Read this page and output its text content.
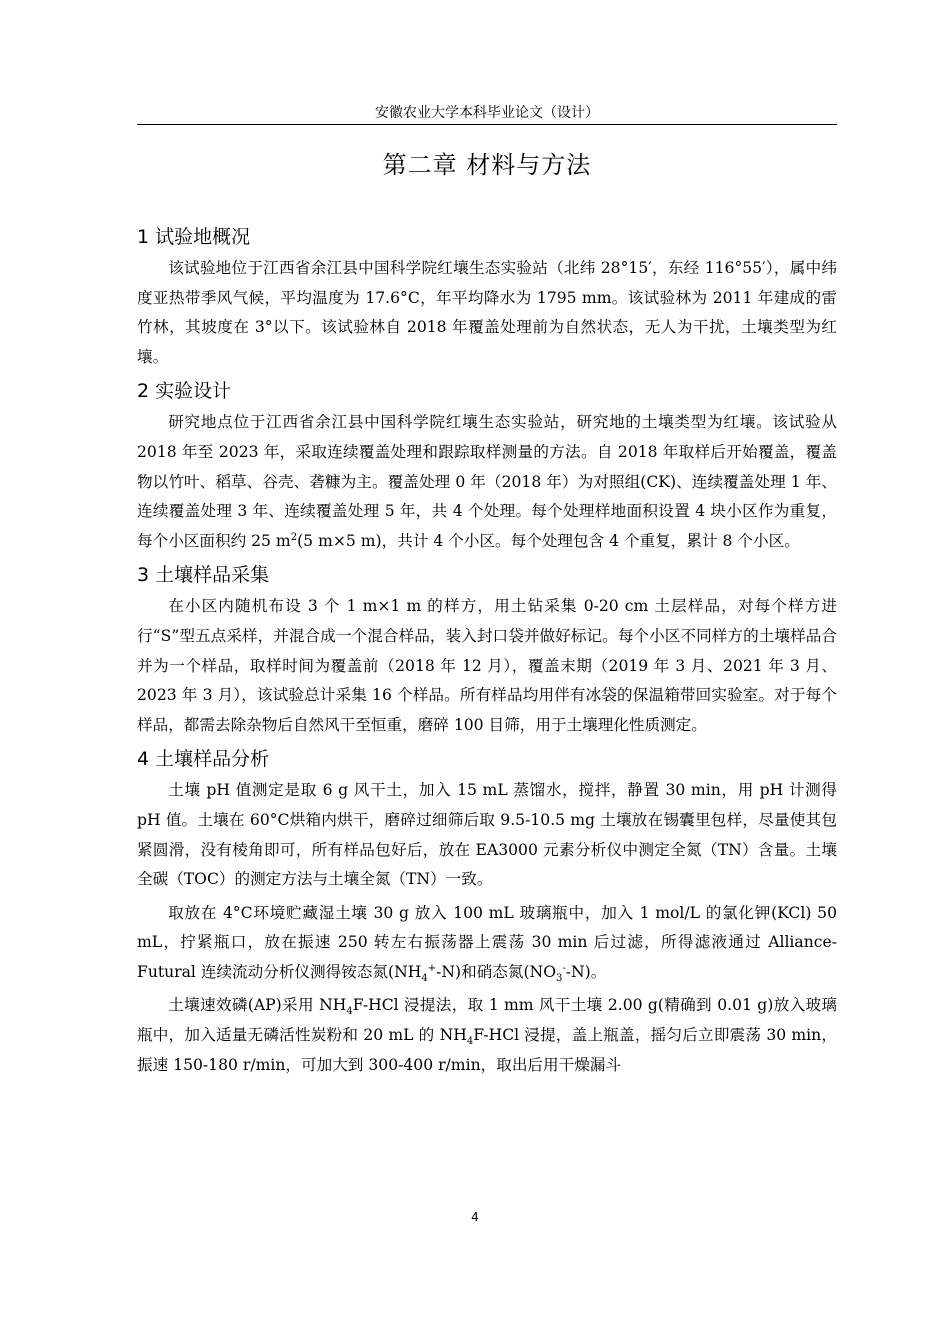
安徽农业大学本科毕业论文（设计）
第二章 材料与方法
1 试验地概况

该试验地位于江西省余江县中国科学院红壤生态实验站（北纬 28°15′，东经 116°55′），属中纬度亚热带季风气候，平均温度为 17.6°C，年平均降水为 1795 mm。该试验林为 2011 年建成的雷竹林，其坡度在 3°以下。该试验林自 2018 年覆盖处理前为自然状态，无人为干扰，土壤类型为红壤。

2 实验设计

研究地点位于江西省余江县中国科学院红壤生态实验站，研究地的土壤类型为红壤。该试验从 2018 年至 2023 年，采取连续覆盖处理和跟踪取样测量的方法。自 2018 年取样后开始覆盖，覆盖物以竹叶、稻草、谷壳、砻糠为主。覆盖处理 0 年（2018 年）为对照组(CK)、连续覆盖处理 1 年、连续覆盖处理 3 年、连续覆盖处理 5 年，共 4 个处理。每个处理样地面积设置 4 块小区作为重复，每个小区面积约 25 $m^2(5$ m×5 m)，共计 4 个小区。每个处理包含 4 个重复，累计 8 个小区。

3 土壤样品采集

在小区内随机布设 3 个 1 m×1 m 的样方，用土钻采集 0-20 cm 土层样品，对每个样方进行“S”型五点采样，并混合成一个混合样品，装入封口袋并做好标记。每个小区不同样方的土壤样品合并为一个样品，取样时间为覆盖前（2018 年 12 月），覆盖末期（2019 年 3 月、2021 年 3 月、2023 年 3 月），该试验总计采集 16 个样品。所有样品均用伴有冰袋的保温箱带回实验室。对于每个样品，都需去除杂物后自然风干至恒重，磨碎 100 目筛，用于土壤理化性质测定。

4 土壤样品分析

土壤 pH 值测定是取 6 g 风干土，加入 15 mL 蒸馏水，搅拌，静置 30 min，用 pH 计测得 pH 值。土壤在 60°C烘箱内烘干，磨碎过细筛后取 9.5-10.5 mg 土壤放在锡囊里包样，尽量使其包紧圆滑，没有棱角即可，所有样品包好后，放在 EA3000 元素分析仪中测定全氮（TN）含量。土壤全碳（TOC）的测定方法与土壤全氮（TN）一致。

取放在 4°C环境贮藏湿土壤 30 g 放入 100 mL 玻璃瓶中，加入 1 mol/L 的氯化钾(KCl) 50 mL，拧紧瓶口，放在振速 250 转左右振荡器上震荡 30 min 后过滤，所得滤液通过 Alliance-Futural 连续流动分析仪测得铵态氮$(NH_4^+-N)$和硝态氮$(NO_3^--N)$。

土壤速效磷(AP)采用 $NH_4F$-HCl 浸提法，取 1 mm 风干土壤 2.00 g(精确到 0.01 g)放入玻璃瓶中，加入适量无磷活性炭粉和 20 mL 的 $NH_4F$-HCl 浸提，盖上瓶盖，摇匀后立即震荡 30 min，振速 150-180 r/min，可加大到 300-400 r/min，取出后用干燥漏斗

4
